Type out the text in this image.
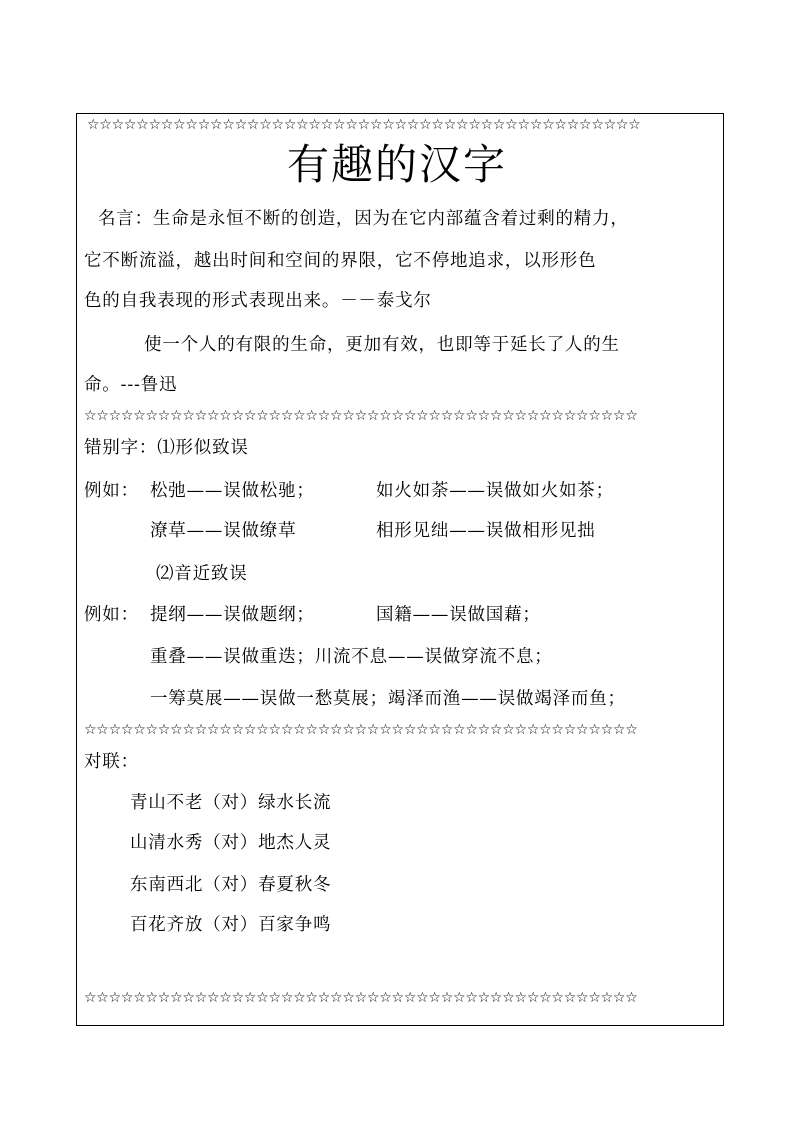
☆☆☆☆☆☆☆☆☆☆☆☆☆☆☆☆☆☆☆☆☆☆☆☆☆☆☆☆☆☆☆☆☆☆☆☆☆☆☆☆☆☆☆☆☆
有趣的汉字
名言：生命是永恒不断的创造，因为在它内部蕴含着过剩的精力，
它不断流溢，越出时间和空间的界限，它不停地追求，以形形色
色的自我表现的形式表现出来。－－泰戈尔
使一个人的有限的生命，更加有效，也即等于延长了人的生
命。---鲁迅
☆☆☆☆☆☆☆☆☆☆☆☆☆☆☆☆☆☆☆☆☆☆☆☆☆☆☆☆☆☆☆☆☆☆☆☆☆☆☆☆☆☆☆☆☆
错别字：⑴形似致误
例如： 松弛——误做松驰；	如火如荼——误做如火如茶；
潦草——误做缭草	相形见绌——误做相形见拙
⑵音近致误
例如： 提纲——误做题纲；	国籍——误做国藉；
重叠——误做重迭；川流不息——误做穿流不息；
一筹莫展——误做一愁莫展；竭泽而渔——误做竭泽而鱼；
☆☆☆☆☆☆☆☆☆☆☆☆☆☆☆☆☆☆☆☆☆☆☆☆☆☆☆☆☆☆☆☆☆☆☆☆☆☆☆☆☆☆☆☆☆
对联：
青山不老（对）绿水长流
山清水秀（对）地杰人灵
东南西北（对）春夏秋冬
百花齐放（对）百家争鸣
☆☆☆☆☆☆☆☆☆☆☆☆☆☆☆☆☆☆☆☆☆☆☆☆☆☆☆☆☆☆☆☆☆☆☆☆☆☆☆☆☆☆☆☆☆
